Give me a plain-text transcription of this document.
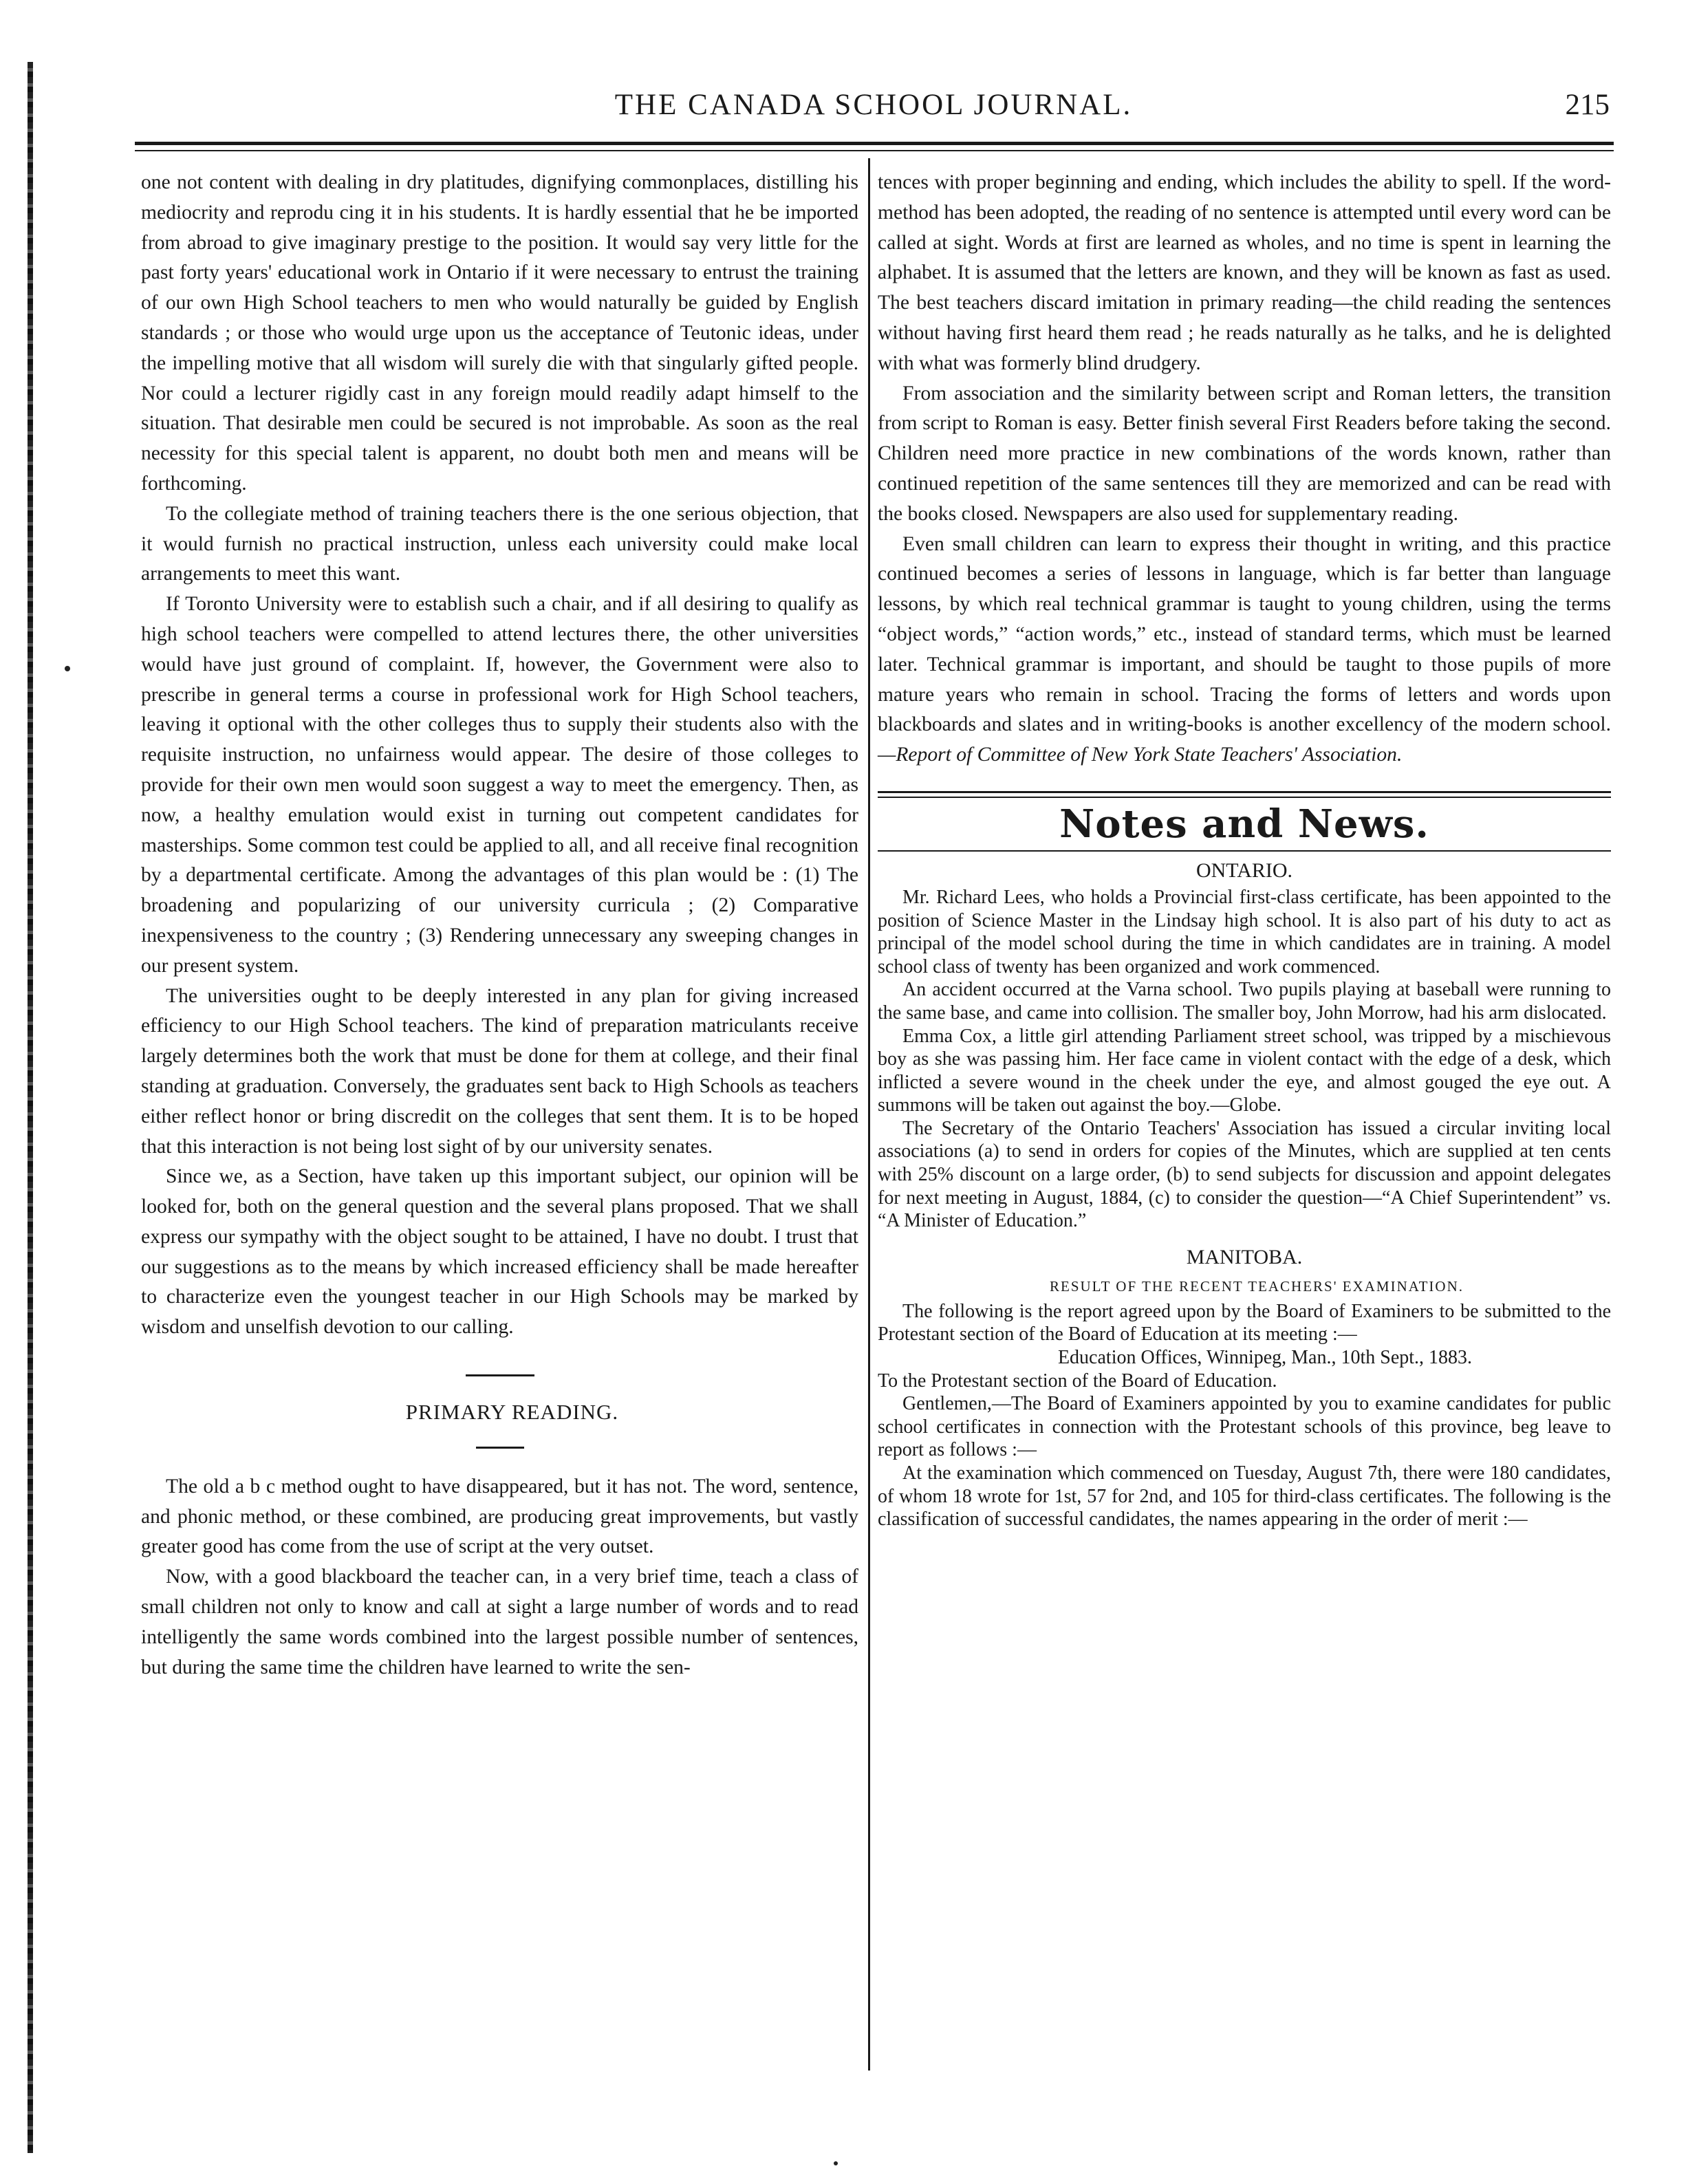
THE CANADA SCHOOL JOURNAL.	215

one not content with dealing in dry platitudes, dignifying commonplaces, distilling his mediocrity and reprodu cing it in his students. It is hardly essential that he be imported from abroad to give imaginary prestige to the position. It would say very little for the past forty years' educational work in Ontario if it were necessary to entrust the training of our own High School teachers to men who would naturally be guided by English standards ; or those who would urge upon us the acceptance of Teutonic ideas, under the impelling motive that all wisdom will surely die with that singularly gifted people. Nor could a lecturer rigidly cast in any foreign mould readily adapt himself to the situation. That desirable men could be secured is not improbable. As soon as the real necessity for this special talent is apparent, no doubt both men and means will be forthcoming.

To the collegiate method of training teachers there is the one serious objection, that it would furnish no practical instruction, unless each university could make local arrangements to meet this want.

If Toronto University were to establish such a chair, and if all desiring to qualify as high school teachers were compelled to attend lectures there, the other universities would have just ground of complaint. If, however, the Government were also to prescribe in general terms a course in professional work for High School teachers, leaving it optional with the other colleges thus to supply their students also with the requisite instruction, no unfairness would appear. The desire of those colleges to provide for their own men would soon suggest a way to meet the emergency. Then, as now, a healthy emulation would exist in turning out competent candidates for masterships. Some common test could be applied to all, and all receive final recognition by a departmental certificate. Among the advantages of this plan would be : (1) The broadening and popularizing of our university curricula ; (2) Comparative inexpensiveness to the country ; (3) Rendering unnecessary any sweeping changes in our present system.

The universities ought to be deeply interested in any plan for giving increased efficiency to our High School teachers. The kind of preparation matriculants receive largely determines both the work that must be done for them at college, and their final standing at graduation. Conversely, the graduates sent back to High Schools as teachers either reflect honor or bring discredit on the colleges that sent them. It is to be hoped that this interaction is not being lost sight of by our university senates.

Since we, as a Section, have taken up this important subject, our opinion will be looked for, both on the general question and the several plans proposed. That we shall express our sympathy with the object sought to be attained, I have no doubt. I trust that our suggestions as to the means by which increased efficiency shall be made hereafter to characterize even the youngest teacher in our High Schools may be marked by wisdom and unselfish devotion to our calling.

PRIMARY READING.

The old a b c method ought to have disappeared, but it has not. The word, sentence, and phonic method, or these combined, are producing great improvements, but vastly greater good has come from the use of script at the very outset.

Now, with a good blackboard the teacher can, in a very brief time, teach a class of small children not only to know and call at sight a large number of words and to read intelligently the same words combined into the largest possible number of sentences, but during the same time the children have learned to write the sen-

tences with proper beginning and ending, which includes the ability to spell. If the word-method has been adopted, the reading of no sentence is attempted until every word can be called at sight. Words at first are learned as wholes, and no time is spent in learning the alphabet. It is assumed that the letters are known, and they will be known as fast as used. The best teachers discard imitation in primary reading—the child reading the sentences without having first heard them read ; he reads naturally as he talks, and he is delighted with what was formerly blind drudgery.

From association and the similarity between script and Roman letters, the transition from script to Roman is easy. Better finish several First Readers before taking the second. Children need more practice in new combinations of the words known, rather than continued repetition of the same sentences till they are memorized and can be read with the books closed. Newspapers are also used for supplementary reading.

Even small children can learn to express their thought in writing, and this practice continued becomes a series of lessons in language, which is far better than language lessons, by which real technical grammar is taught to young children, using the terms “object words,” “action words,” etc., instead of standard terms, which must be learned later. Technical grammar is important, and should be taught to those pupils of more mature years who remain in school. Tracing the forms of letters and words upon blackboards and slates and in writing-books is another excellency of the modern school. —Report of Committee of New York State Teachers' Association.

Notes and News.

ONTARIO.

Mr. Richard Lees, who holds a Provincial first-class certificate, has been appointed to the position of Science Master in the Lindsay high school. It is also part of his duty to act as principal of the model school during the time in which candidates are in training. A model school class of twenty has been organized and work commenced.

An accident occurred at the Varna school. Two pupils playing at baseball were running to the same base, and came into collision. The smaller boy, John Morrow, had his arm dislocated.

Emma Cox, a little girl attending Parliament street school, was tripped by a mischievous boy as she was passing him. Her face came in violent contact with the edge of a desk, which inflicted a severe wound in the cheek under the eye, and almost gouged the eye out. A summons will be taken out against the boy.—Globe.

The Secretary of the Ontario Teachers' Association has issued a circular inviting local associations (a) to send in orders for copies of the Minutes, which are supplied at ten cents with 25% discount on a large order, (b) to send subjects for discussion and appoint delegates for next meeting in August, 1884, (c) to consider the question—“A Chief Superintendent” vs. “A Minister of Education.”

MANITOBA.

RESULT OF THE RECENT TEACHERS' EXAMINATION.

The following is the report agreed upon by the Board of Examiners to be submitted to the Protestant section of the Board of Education at its meeting :—

Education Offices, Winnipeg, Man., 10th Sept., 1883.

To the Protestant section of the Board of Education.

Gentlemen,—The Board of Examiners appointed by you to examine candidates for public school certificates in connection with the Protestant schools of this province, beg leave to report as follows :—

At the examination which commenced on Tuesday, August 7th, there were 180 candidates, of whom 18 wrote for 1st, 57 for 2nd, and 105 for third-class certificates. The following is the classification of successful candidates, the names appearing in the order of merit :—
